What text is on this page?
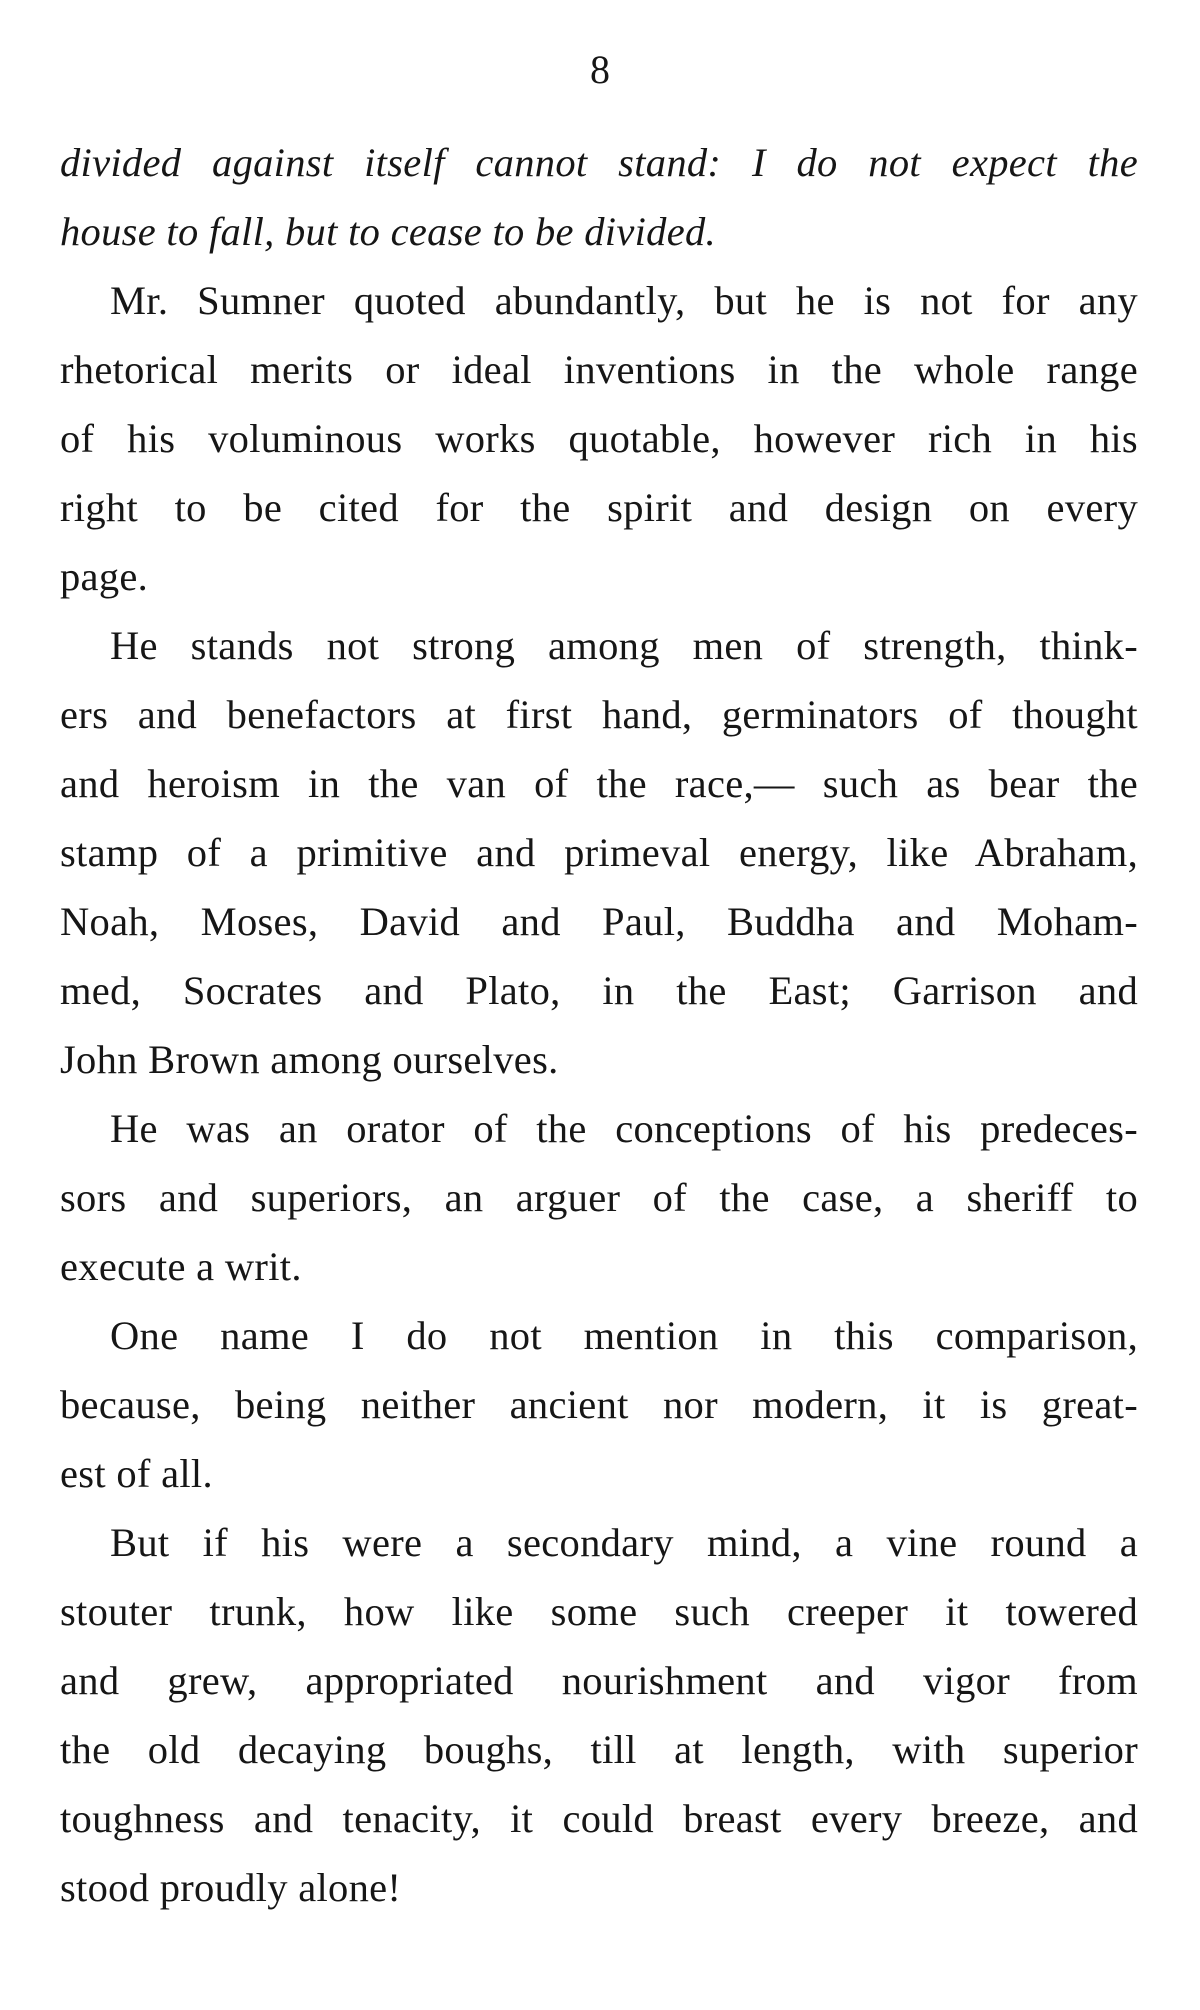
8
divided against itself cannot stand: I do not expect the
house to fall, but to cease to be divided.
Mr. Sumner quoted abundantly, but he is not for any
rhetorical merits or ideal inventions in the whole range
of his voluminous works quotable, however rich in his
right to be cited for the spirit and design on every
page.
He stands not strong among men of strength, think-
ers and benefactors at first hand, germinators of thought
and heroism in the van of the race,— such as bear the
stamp of a primitive and primeval energy, like Abraham,
Noah, Moses, David and Paul, Buddha and Moham-
med, Socrates and Plato, in the East; Garrison and
John Brown among ourselves.
He was an orator of the conceptions of his predeces-
sors and superiors, an arguer of the case, a sheriff to
execute a writ.
One name I do not mention in this comparison,
because, being neither ancient nor modern, it is great-
est of all.
But if his were a secondary mind, a vine round a
stouter trunk, how like some such creeper it towered
and grew, appropriated nourishment and vigor from
the old decaying boughs, till at length, with superior
toughness and tenacity, it could breast every breeze, and
stood proudly alone!
